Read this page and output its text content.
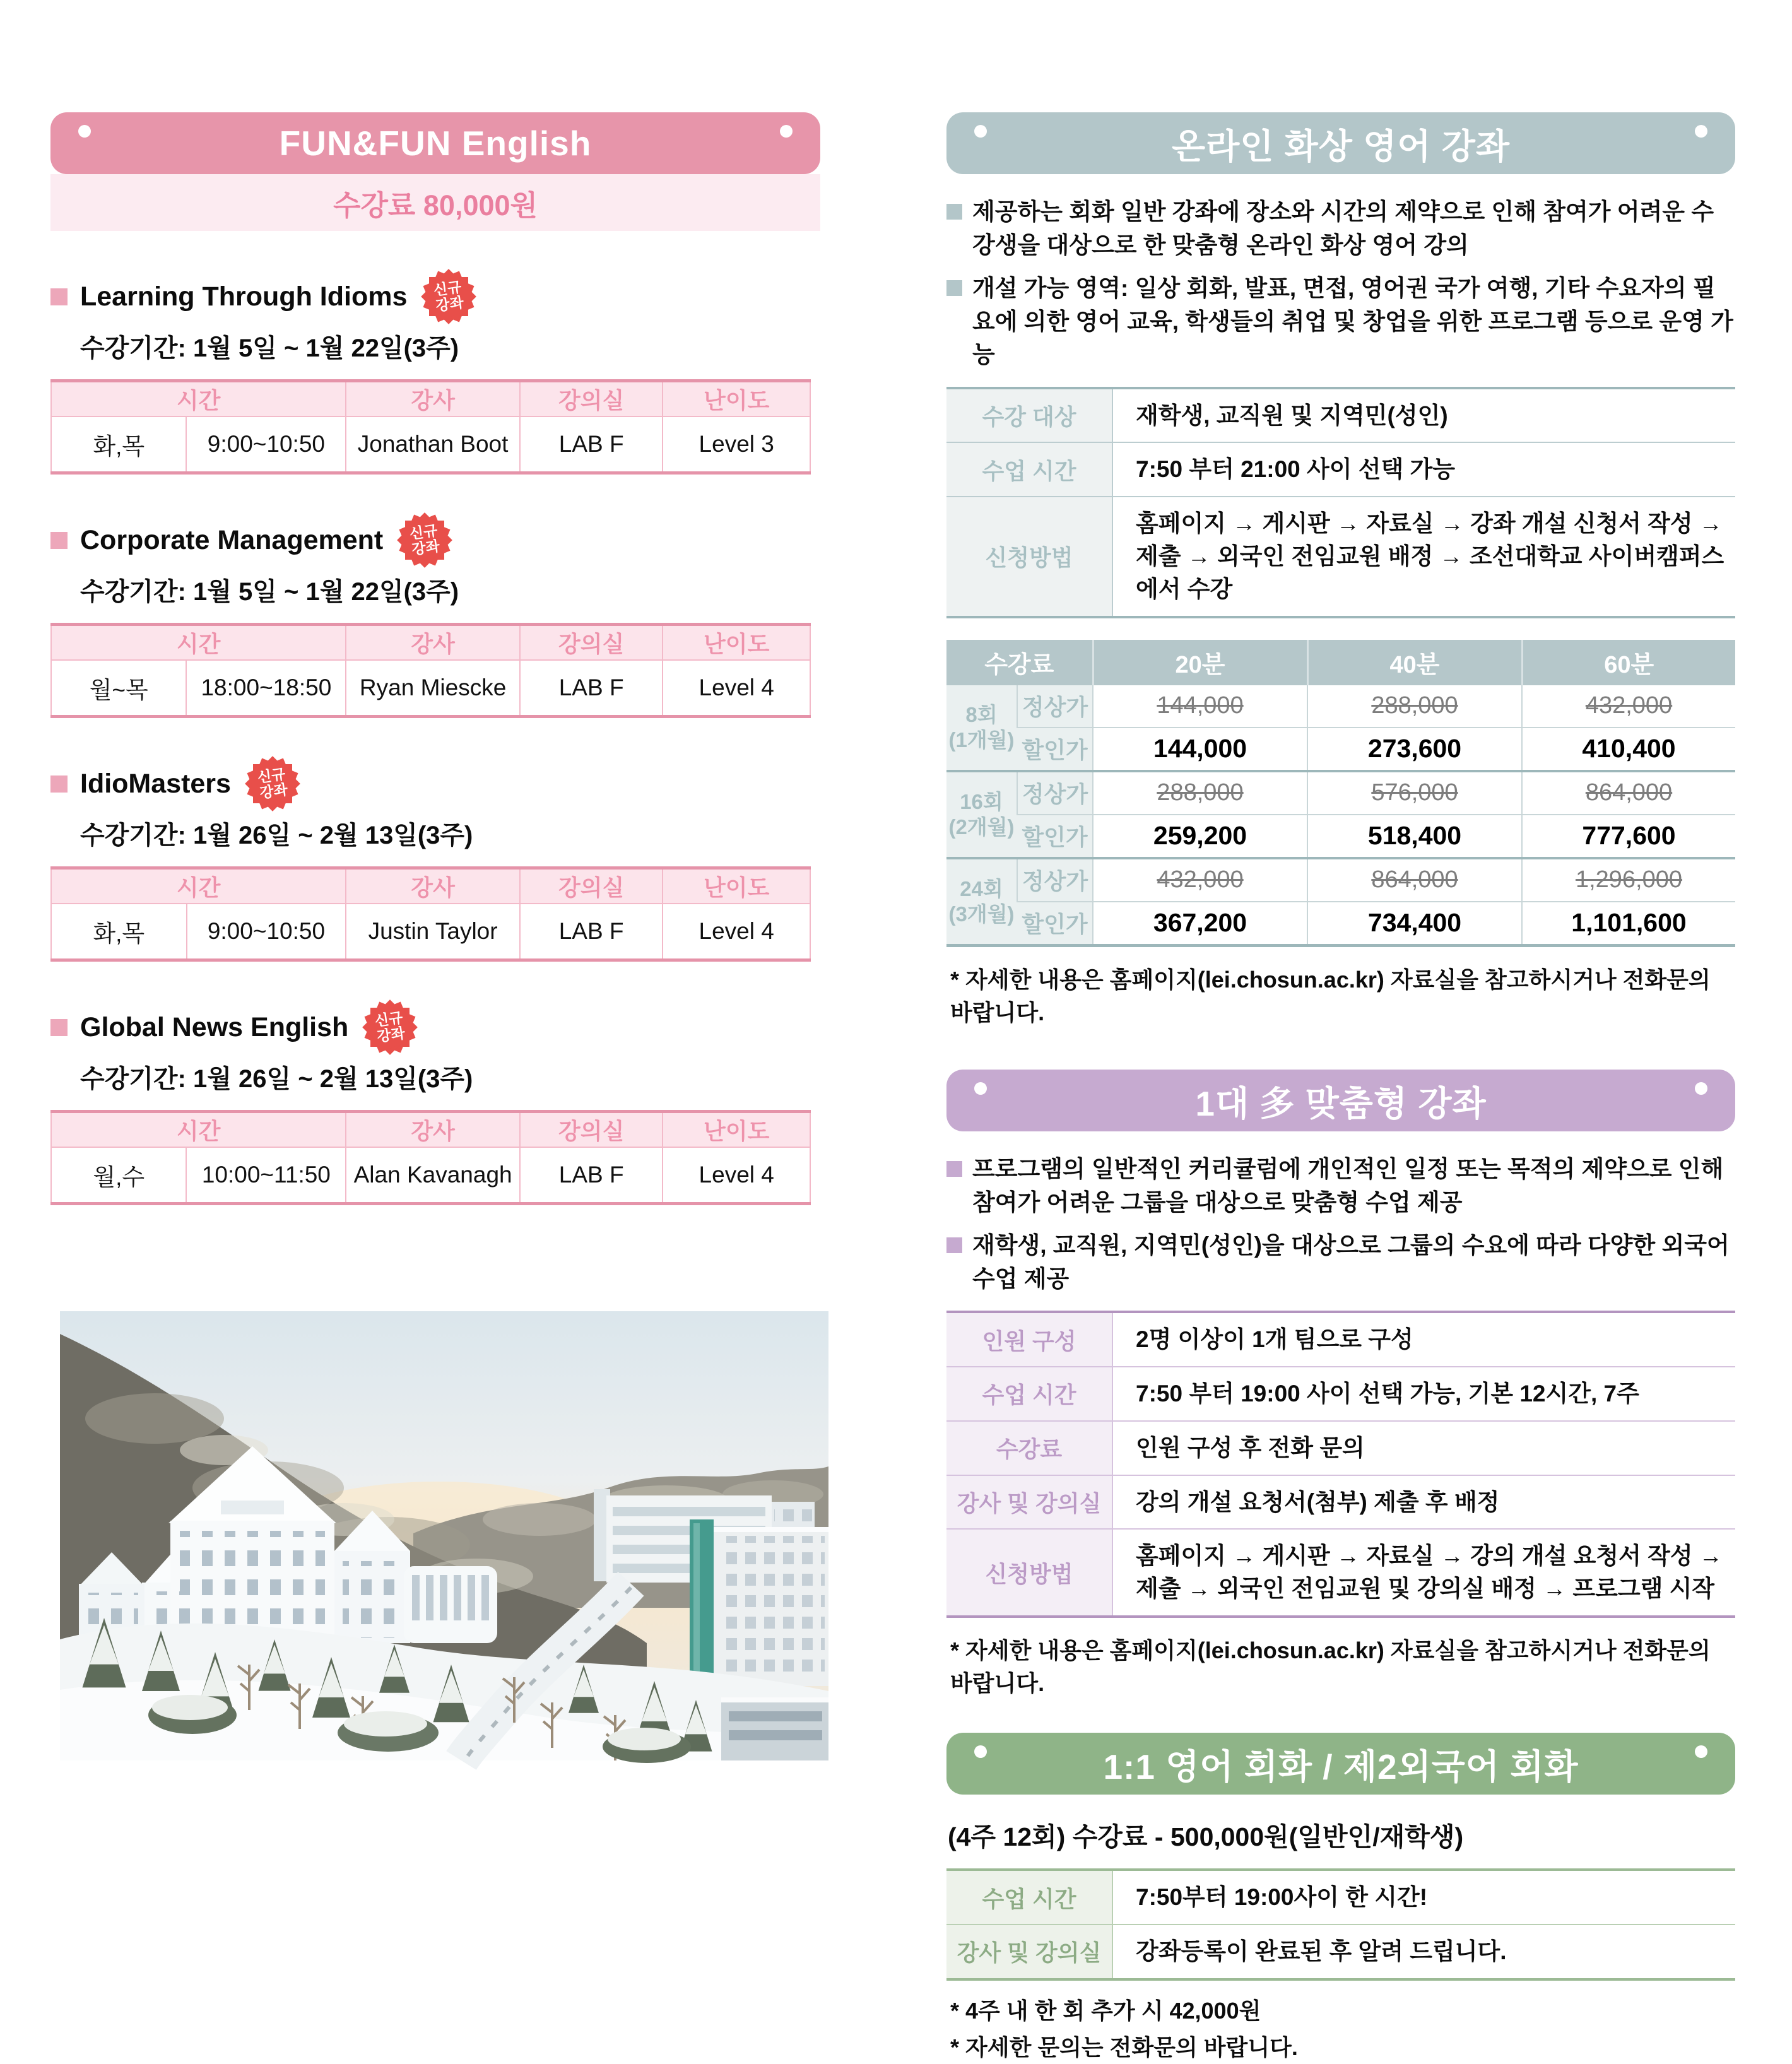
FUN&FUN English
수강료 80,000원
Learning Through Idioms 신규
강좌

수강기간: 1월 5일 ~ 1월 22일(3주)

시간		강사	강의실	난이도
화,목	9:00~10:50	Jonathan Boot	LAB F	Level 3
Corporate Management 신규
강좌

수강기간: 1월 5일 ~ 1월 22일(3주)

시간		강사	강의실	난이도
월~목	18:00~18:50	Ryan Miescke	LAB F	Level 4
IdioMasters 신규
강좌

수강기간: 1월 26일 ~ 2월 13일(3주)

시간		강사	강의실	난이도
화,목	9:00~10:50	Justin Taylor	LAB F	Level 4
Global News English 신규
강좌

수강기간: 1월 26일 ~ 2월 13일(3주)

시간		강사	강의실	난이도
월,수	10:00~11:50	Alan Kavanagh	LAB F	Level 4
온라인 화상 영어 강좌
제공하는 회화 일반 강좌에 장소와 시간의 제약으로 인해 참여가 어려운 수강생을 대상으로 한 맞춤형 온라인 화상 영어 강의
개설 가능 영역: 일상 회화, 발표, 면접, 영어권 국가 여행, 기타 수요자의 필요에 의한 영어 교육, 학생들의 취업 및 창업을 위한 프로그램 등으로 운영 가능
수강 대상	재학생, 교직원 및 지역민(성인)
수업 시간	7:50 부터 21:00 사이 선택 가능
신청방법	홈페이지 → 게시판 → 자료실 → 강좌 개설 신청서 작성 → 제출 → 외국인 전임교원 배정 → 조선대학교 사이버캠퍼스에서 수강
수강료		20분	40분	60분
8회
(1개월)	정상가	144,000	288,000	432,000
	할인가	144,000	273,600	410,400
16회
(2개월)	정상가	288,000	576,000	864,000
	할인가	259,200	518,400	777,600
24회
(3개월)	정상가	432,000	864,000	1,296,000
	할인가	367,200	734,400	1,101,600

* 자세한 내용은 홈페이지(lei.chosun.ac.kr) 자료실을 참고하시거나 전화문의 바랍니다.

1대 多 맞춤형 강좌
프로그램의 일반적인 커리큘럼에 개인적인 일정 또는 목적의 제약으로 인해 참여가 어려운 그룹을 대상으로 맞춤형 수업 제공
재학생, 교직원, 지역민(성인)을 대상으로 그룹의 수요에 따라 다양한 외국어 수업 제공
인원 구성	2명 이상이 1개 팀으로 구성
수업 시간	7:50 부터 19:00 사이 선택 가능, 기본 12시간, 7주
수강료	인원 구성 후 전화 문의
강사 및 강의실	강의 개설 요청서(첨부) 제출 후 배정
신청방법	홈페이지 → 게시판 → 자료실 → 강의 개설 요청서 작성 → 제출 → 외국인 전임교원 및 강의실 배정 → 프로그램 시작

* 자세한 내용은 홈페이지(lei.chosun.ac.kr) 자료실을 참고하시거나 전화문의 바랍니다.

1:1 영어 회화 / 제2외국어 회화

(4주 12회) 수강료 - 500,000원(일반인/재학생)

수업 시간	7:50부터 19:00사이 한 시간!
강사 및 강의실	강좌등록이 완료된 후 알려 드립니다.

* 4주 내 한 회 추가 시 42,000원

* 자세한 문의는 전화문의 바랍니다.
